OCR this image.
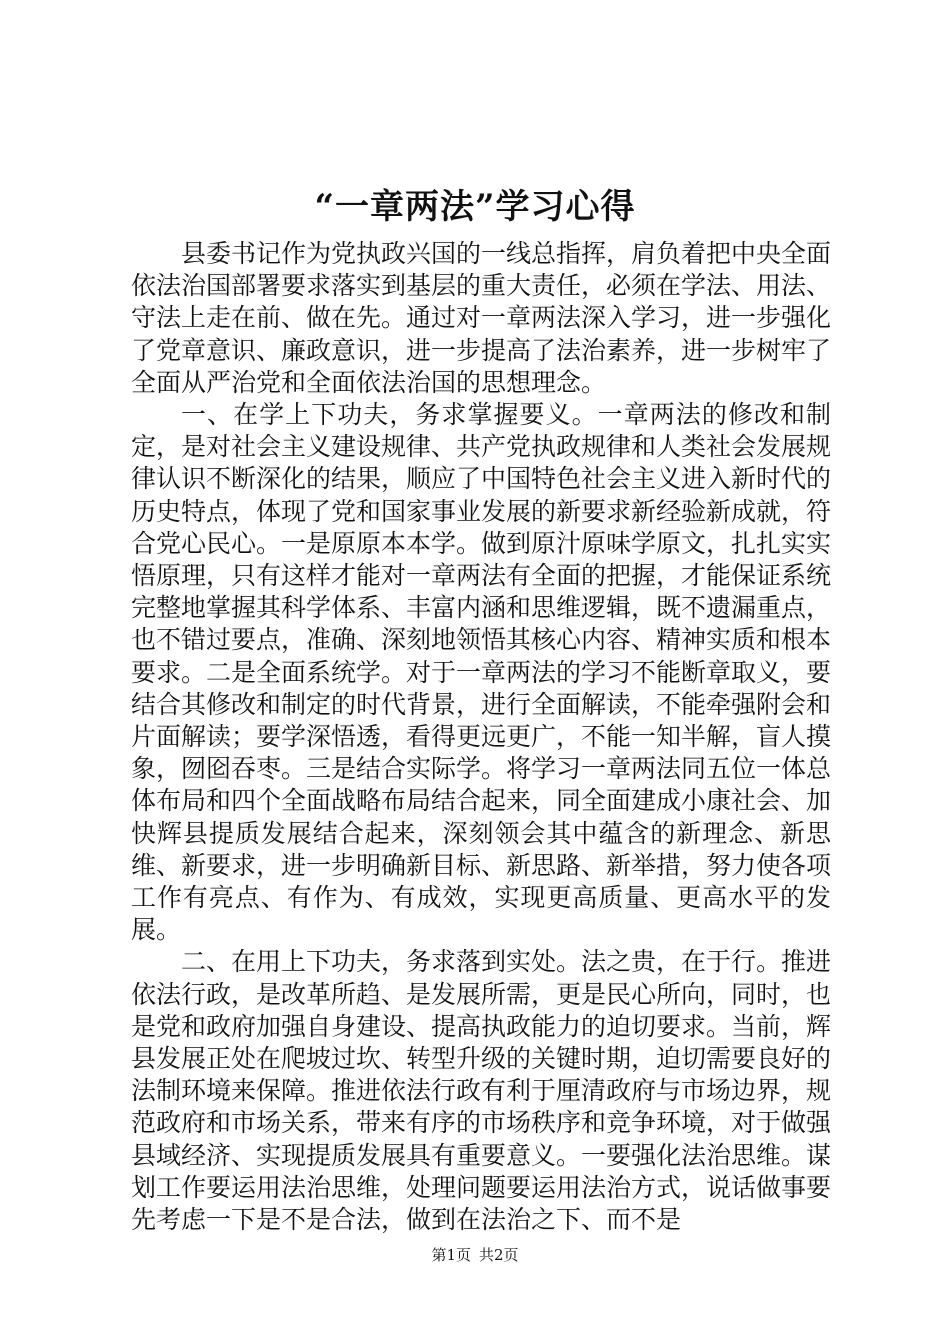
“一章两法”学习心得

县委书记作为党执政兴国的一线总指挥，肩负着把中央全面依法治国部署要求落实到基层的重大责任，必须在学法、用法、守法上走在前、做在先。通过对一章两法深入学习，进一步强化了党章意识、廉政意识，进一步提高了法治素养，进一步树牢了全面从严治党和全面依法治国的思想理念。

一、在学上下功夫，务求掌握要义。一章两法的修改和制定，是对社会主义建设规律、共产党执政规律和人类社会发展规律认识不断深化的结果，顺应了中国特色社会主义进入新时代的历史特点，体现了党和国家事业发展的新要求新经验新成就，符合党心民心。一是原原本本学。做到原汁原味学原文，扎扎实实悟原理，只有这样才能对一章两法有全面的把握，才能保证系统完整地掌握其科学体系、丰富内涵和思维逻辑，既不遗漏重点，也不错过要点，准确、深刻地领悟其核心内容、精神实质和根本要求。二是全面系统学。对于一章两法的学习不能断章取义，要结合其修改和制定的时代背景，进行全面解读，不能牵强附会和片面解读；要学深悟透，看得更远更广，不能一知半解，盲人摸象，囫囵吞枣。三是结合实际学。将学习一章两法同五位一体总体布局和四个全面战略布局结合起来，同全面建成小康社会、加快辉县提质发展结合起来，深刻领会其中蕴含的新理念、新思维、新要求，进一步明确新目标、新思路、新举措，努力使各项工作有亮点、有作为、有成效，实现更高质量、更高水平的发展。

二、在用上下功夫，务求落到实处。法之贵，在于行。推进依法行政，是改革所趋、是发展所需，更是民心所向，同时，也是党和政府加强自身建设、提高执政能力的迫切要求。当前，辉县发展正处在爬坡过坎、转型升级的关键时期，迫切需要良好的法制环境来保障。推进依法行政有利于厘清政府与市场边界，规范政府和市场关系，带来有序的市场秩序和竞争环境，对于做强县域经济、实现提质发展具有重要意义。一要强化法治思维。谋划工作要运用法治思维，处理问题要运用法治方式，说话做事要先考虑一下是不是合法，做到在法治之下、而不是

第1页 共2页
